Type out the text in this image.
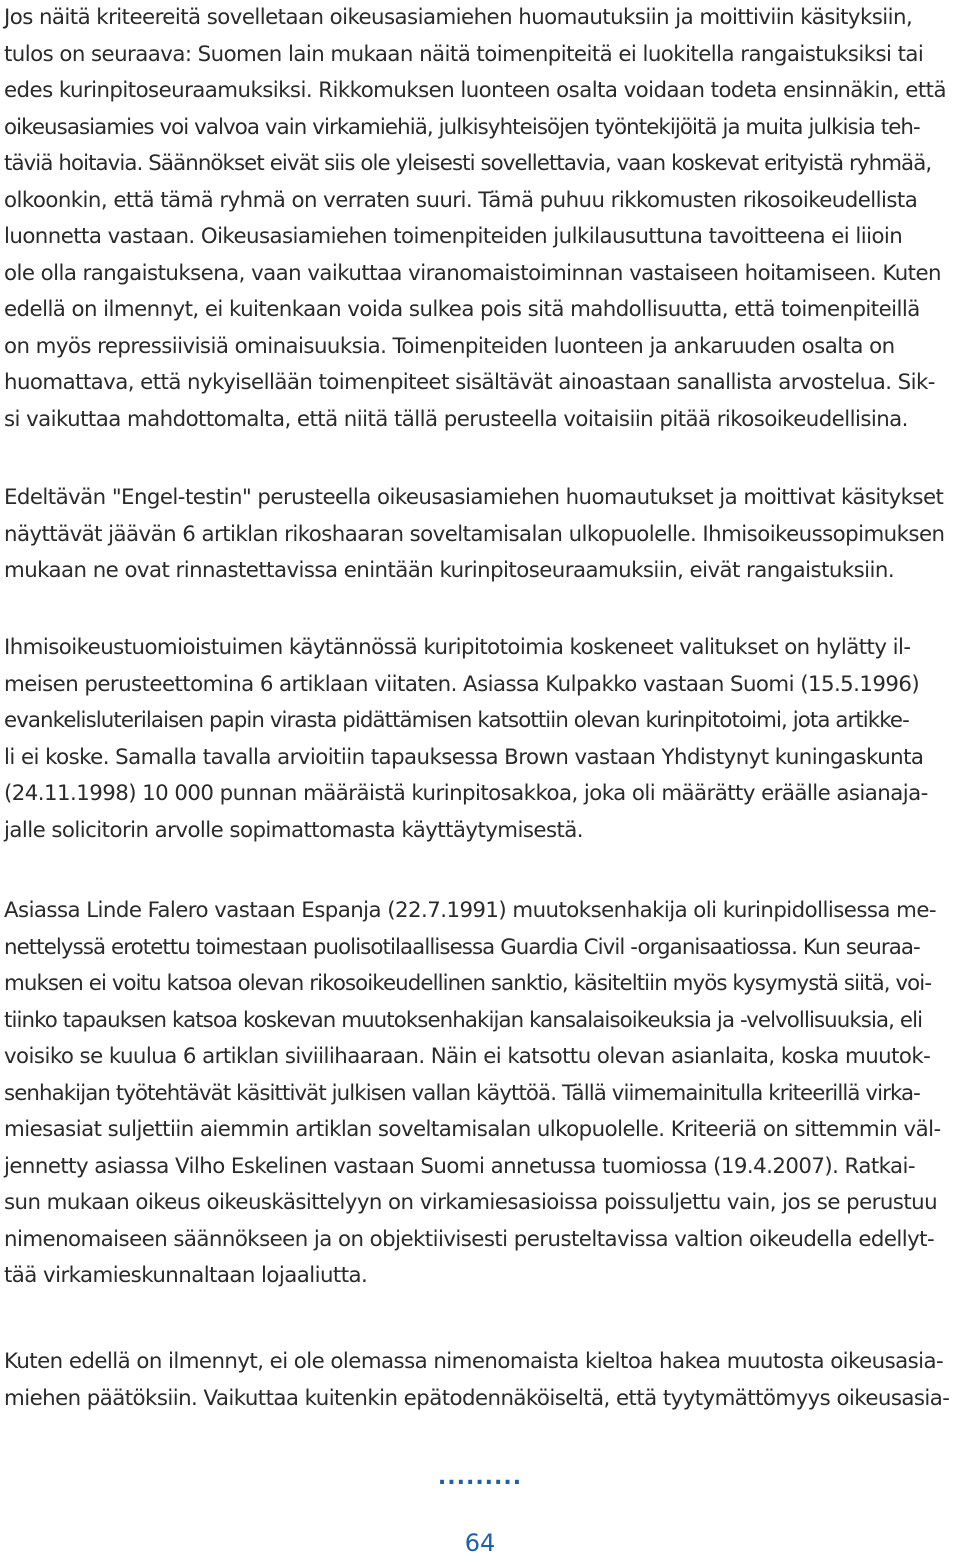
Jos näitä kriteereitä sovelletaan oikeusasiamiehen huomautuksiin ja moittiviin käsityksiin,
tulos on seuraava: Suomen lain mukaan näitä toimenpiteitä ei luokitella rangaistuksiksi tai
edes kurinpitoseuraamuksiksi. Rikkomuksen luonteen osalta voidaan todeta ensinnäkin, että
oikeusasiamies voi valvoa vain virkamiehiä, julkisyhteisöjen työntekijöitä ja muita julkisia teh-
täviä hoitavia. Säännökset eivät siis ole yleisesti sovellettavia, vaan koskevat erityistä ryhmää,
olkoonkin, että tämä ryhmä on verraten suuri. Tämä puhuu rikkomusten rikosoikeudellista
luonnetta vastaan. Oikeusasiamiehen toimenpiteiden julkilausuttuna tavoitteena ei liioin
ole olla rangaistuksena, vaan vaikuttaa viranomaistoiminnan vastaiseen hoitamiseen. Kuten
edellä on ilmennyt, ei kuitenkaan voida sulkea pois sitä mahdollisuutta, että toimenpiteillä
on myös repressiivisiä ominaisuuksia. Toimenpiteiden luonteen ja ankaruuden osalta on
huomattava, että nykyisellään toimenpiteet sisältävät ainoastaan sanallista arvostelua. Sik-
si vaikuttaa mahdottomalta, että niitä tällä perusteella voitaisiin pitää rikosoikeudellisina.
Edeltävän "Engel-testin" perusteella oikeusasiamiehen huomautukset ja moittivat käsitykset
näyttävät jäävän 6 artiklan rikoshaaran soveltamisalan ulkopuolelle. Ihmisoikeussopimuksen
mukaan ne ovat rinnastettavissa enintään kurinpitoseuraamuksiin, eivät rangaistuksiin.
Ihmisoikeustuomioistuimen käytännössä kuripitotoimia koskeneet valitukset on hylätty il-
meisen perusteettomina 6 artiklaan viitaten. Asiassa Kulpakko vastaan Suomi (15.5.1996)
evankelisluterilaisen papin virasta pidättämisen katsottiin olevan kurinpitotoimi, jota artikke-
li ei koske. Samalla tavalla arvioitiin tapauksessa Brown vastaan Yhdistynyt kuningaskunta
(24.11.1998) 10 000 punnan määräistä kurinpitosakkoa, joka oli määrätty eräälle asianaja-
jalle solicitorin arvolle sopimattomasta käyttäytymisestä.
Asiassa Linde Falero vastaan Espanja (22.7.1991) muutoksenhakija oli kurinpidollisessa me-
nettelyssä erotettu toimestaan puolisotilaallisessa Guardia Civil -organisaatiossa. Kun seuraa-
muksen ei voitu katsoa olevan rikosoikeudellinen sanktio, käsiteltiin myös kysymystä siitä, voi-
tiinko tapauksen katsoa koskevan muutoksenhakijan kansalaisoikeuksia ja -velvollisuuksia, eli
voisiko se kuulua 6 artiklan siviilihaaraan. Näin ei katsottu olevan asianlaita, koska muutok-
senhakijan työtehtävät käsittivät julkisen vallan käyttöä. Tällä viimemainitulla kriteerillä virka-
miesasiat suljettiin aiemmin artiklan soveltamisalan ulkopuolelle. Kriteeriä on sittemmin väl-
jennetty asiassa Vilho Eskelinen vastaan Suomi annetussa tuomiossa (19.4.2007). Ratkai-
sun mukaan oikeus oikeuskäsittelyyn on virkamiesasioissa poissuljettu vain, jos se perustuu
nimenomaiseen säännökseen ja on objektiivisesti perusteltavissa valtion oikeudella edellyt-
tää virkamieskunnaltaan lojaaliutta.
Kuten edellä on ilmennyt, ei ole olemassa nimenomaista kieltoa hakea muutosta oikeusasia-
miehen päätöksiin. Vaikuttaa kuitenkin epätodennäköiseltä, että tyytymättömyys oikeusasia-
.........
64
